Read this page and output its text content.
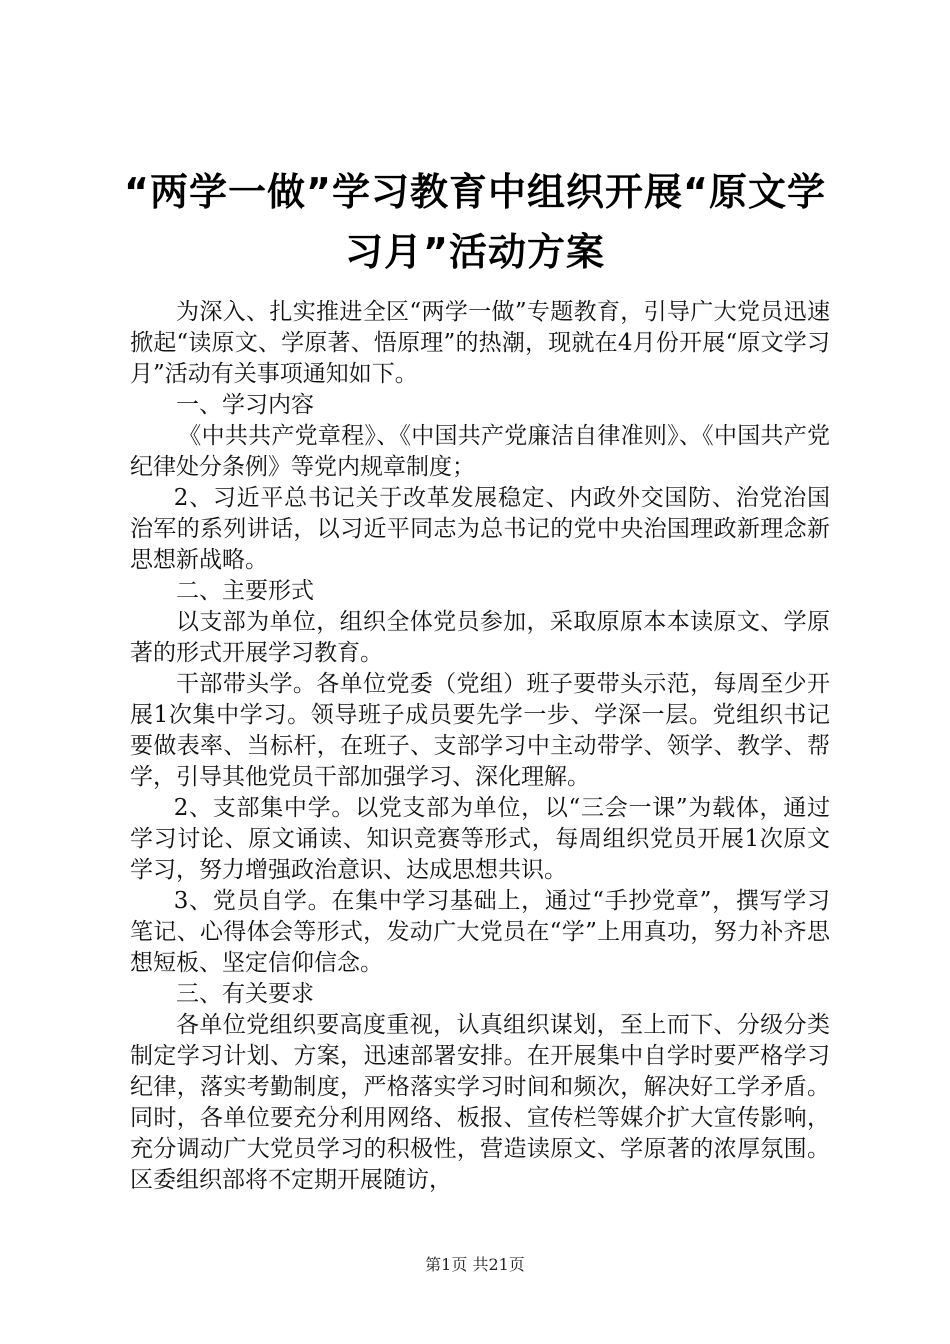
“两学一做”学习教育中组织开展“原文学习月”活动方案

为深入、扎实推进全区“两学一做”专题教育，引导广大党员迅速掀起“读原文、学原著、悟原理”的热潮，现就在4月份开展“原文学习月”活动有关事项通知如下。

一、学习内容

《中共共产党章程》、《中国共产党廉洁自律准则》、《中国共产党纪律处分条例》等党内规章制度；

2、习近平总书记关于改革发展稳定、内政外交国防、治党治国治军的系列讲话，以习近平同志为总书记的党中央治国理政新理念新思想新战略。

二、主要形式

以支部为单位，组织全体党员参加，采取原原本本读原文、学原著的形式开展学习教育。

干部带头学。各单位党委（党组）班子要带头示范，每周至少开展1次集中学习。领导班子成员要先学一步、学深一层。党组织书记要做表率、当标杆，在班子、支部学习中主动带学、领学、教学、帮学，引导其他党员干部加强学习、深化理解。

2、支部集中学。以党支部为单位，以“三会一课”为载体，通过学习讨论、原文诵读、知识竞赛等形式，每周组织党员开展1次原文学习，努力增强政治意识、达成思想共识。

3、党员自学。在集中学习基础上，通过“手抄党章”，撰写学习笔记、心得体会等形式，发动广大党员在“学”上用真功，努力补齐思想短板、坚定信仰信念。

三、有关要求

各单位党组织要高度重视，认真组织谋划，至上而下、分级分类制定学习计划、方案，迅速部署安排。在开展集中自学时要严格学习纪律，落实考勤制度，严格落实学习时间和频次，解决好工学矛盾。同时，各单位要充分利用网络、板报、宣传栏等媒介扩大宣传影响，充分调动广大党员学习的积极性，营造读原文、学原著的浓厚氛围。区委组织部将不定期开展随访，

第1页 共21页
